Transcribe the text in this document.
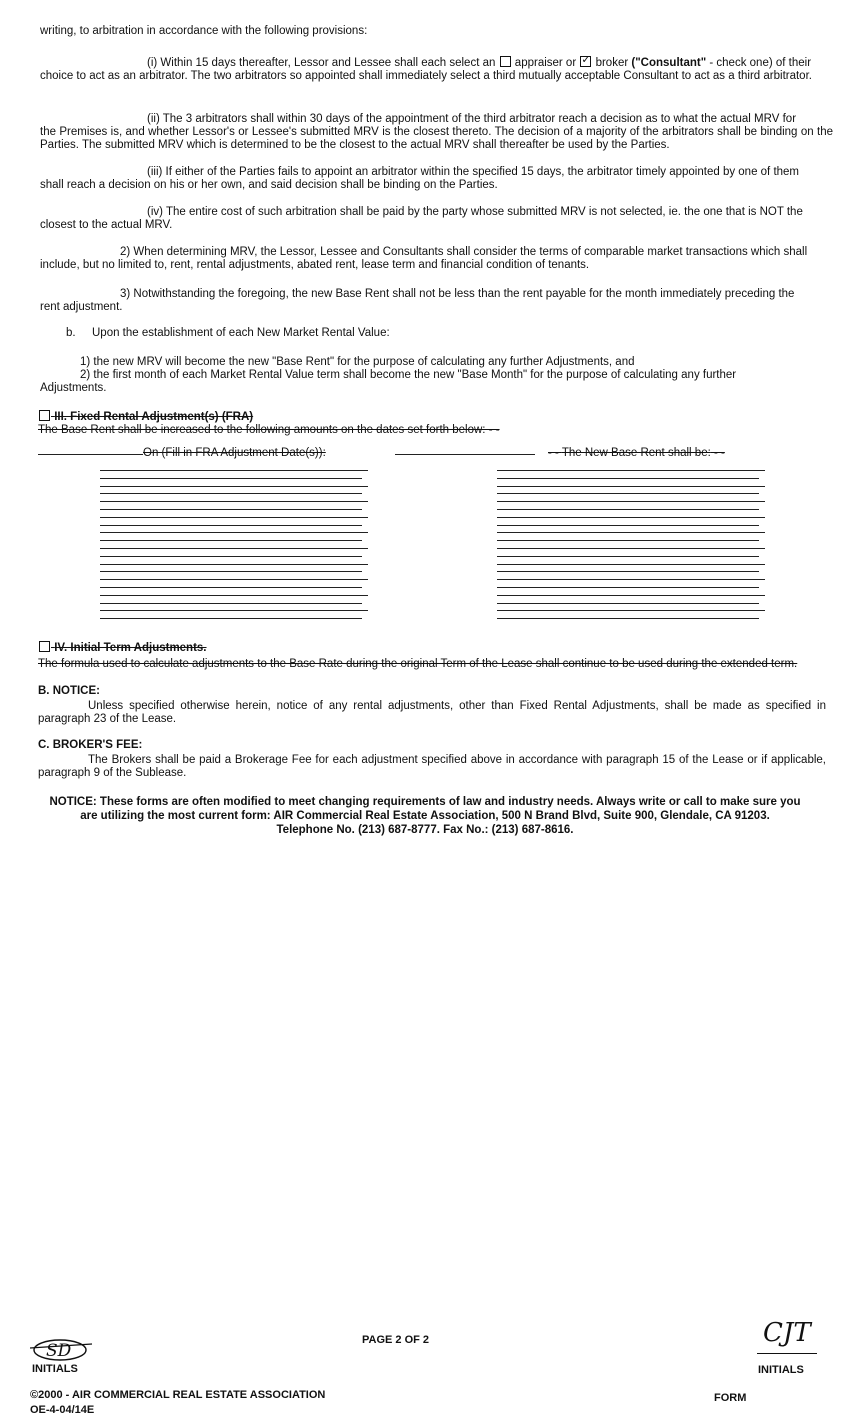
writing, to arbitration in accordance with the following provisions:
(i) Within 15 days thereafter, Lessor and Lessee shall each select an appraiser or ✓ broker ("Consultant" - check one) of their
choice to act as an arbitrator. The two arbitrators so appointed shall immediately select a third mutually acceptable Consultant to act as a third arbitrator.
(ii) The 3 arbitrators shall within 30 days of the appointment of the third arbitrator reach a decision as to what the actual MRV for
the Premises is, and whether Lessor's or Lessee's submitted MRV is the closest thereto. The decision of a majority of the arbitrators shall be binding on the Parties. The submitted MRV which is determined to be the closest to the actual MRV shall thereafter be used by the Parties.
(iii) If either of the Parties fails to appoint an arbitrator within the specified 15 days, the arbitrator timely appointed by one of them
shall reach a decision on his or her own, and said decision shall be binding on the Parties.
(iv) The entire cost of such arbitration shall be paid by the party whose submitted MRV is not selected, ie. the one that is NOT the
closest to the actual MRV.
2) When determining MRV, the Lessor, Lessee and Consultants shall consider the terms of comparable market transactions which shall
include, but no limited to, rent, rental adjustments, abated rent, lease term and financial condition of tenants.
3) Notwithstanding the foregoing, the new Base Rent shall not be less than the rent payable for the month immediately preceding the
rent adjustment.
b. Upon the establishment of each New Market Rental Value:
1) the new MRV will become the new "Base Rent" for the purpose of calculating any further Adjustments, and
2) the first month of each Market Rental Value term shall become the new "Base Month" for the purpose of calculating any further
Adjustments.
III. Fixed Rental Adjustment(s) (FRA)
The Base Rent shall be increased to the following amounts on the dates set forth below: - -
On (Fill in FRA Adjustment Date(s)):	- - The New Base Rent shall be: - -
IV. Initial Term Adjustments.
The formula used to calculate adjustments to the Base Rate during the original Term of the Lease shall continue to be used during the extended term.
B. NOTICE:
Unless specified otherwise herein, notice of any rental adjustments, other than Fixed Rental Adjustments, shall be made as specified in paragraph 23 of the Lease.
C. BROKER'S FEE:
The Brokers shall be paid a Brokerage Fee for each adjustment specified above in accordance with paragraph 15 of the Lease or if applicable, paragraph 9 of the Sublease.
NOTICE: These forms are often modified to meet changing requirements of law and industry needs. Always write or call to make sure you
are utilizing the most current form: AIR Commercial Real Estate Association, 500 N Brand Blvd, Suite 900, Glendale, CA 91203.
Telephone No. (213) 687-8777. Fax No.: (213) 687-8616.
SD
INITIALS
PAGE 2 OF 2	CJT
INITIALS
©2000 - AIR COMMERCIAL REAL ESTATE ASSOCIATION
OE-4-04/14E
FORM
